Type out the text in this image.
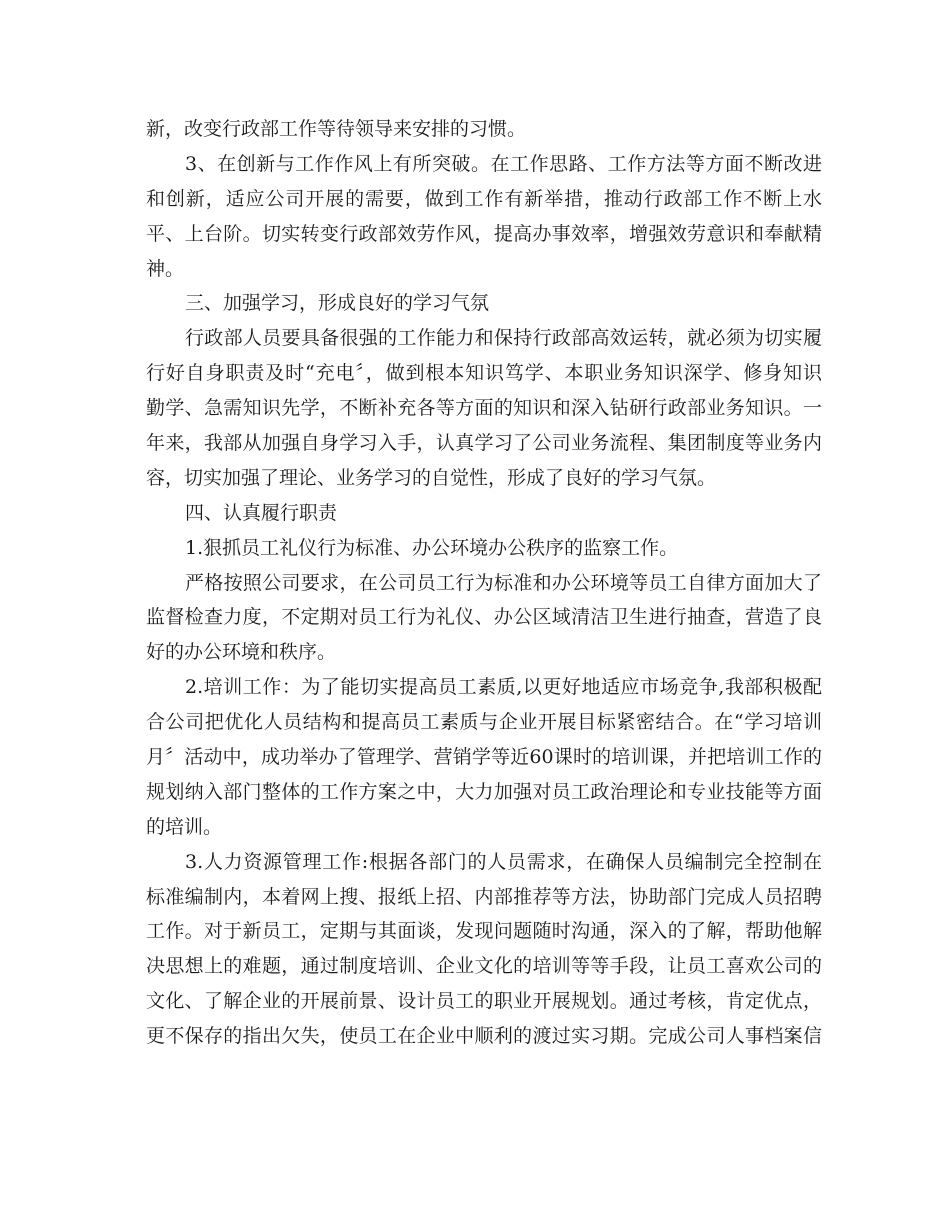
新，改变行政部工作等待领导来安排的习惯。
3、在创新与工作作风上有所突破。在工作思路、工作方法等方面不断改进
和创新，适应公司开展的需要，做到工作有新举措，推动行政部工作不断上水
平、上台阶。切实转变行政部效劳作风，提高办事效率，增强效劳意识和奉献精
神。
三、加强学习，形成良好的学习气氛
行政部人员要具备很强的工作能力和保持行政部高效运转，就必须为切实履
行好自身职责及时“充电〞，做到根本知识笃学、本职业务知识深学、修身知识
勤学、急需知识先学，不断补充各等方面的知识和深入钻研行政部业务知识。一
年来，我部从加强自身学习入手，认真学习了公司业务流程、集团制度等业务内
容，切实加强了理论、业务学习的自觉性，形成了良好的学习气氛。
四、认真履行职责
1.狠抓员工礼仪行为标准、办公环境办公秩序的监察工作。
严格按照公司要求，在公司员工行为标准和办公环境等员工自律方面加大了
监督检查力度，不定期对员工行为礼仪、办公区域清洁卫生进行抽查，营造了良
好的办公环境和秩序。
2.培训工作：为了能切实提高员工素质,以更好地适应市场竞争,我部积极配
合公司把优化人员结构和提高员工素质与企业开展目标紧密结合。在“学习培训
月〞活动中，成功举办了管理学、营销学等近60课时的培训课，并把培训工作的
规划纳入部门整体的工作方案之中，大力加强对员工政治理论和专业技能等方面
的培训。
3.人力资源管理工作:根据各部门的人员需求，在确保人员编制完全控制在
标准编制内，本着网上搜、报纸上招、内部推荐等方法，协助部门完成人员招聘
工作。对于新员工，定期与其面谈，发现问题随时沟通，深入的了解，帮助他解
决思想上的难题，通过制度培训、企业文化的培训等等手段，让员工喜欢公司的
文化、了解企业的开展前景、设计员工的职业开展规划。通过考核，肯定优点，
更不保存的指出欠失，使员工在企业中顺利的渡过实习期。完成公司人事档案信
